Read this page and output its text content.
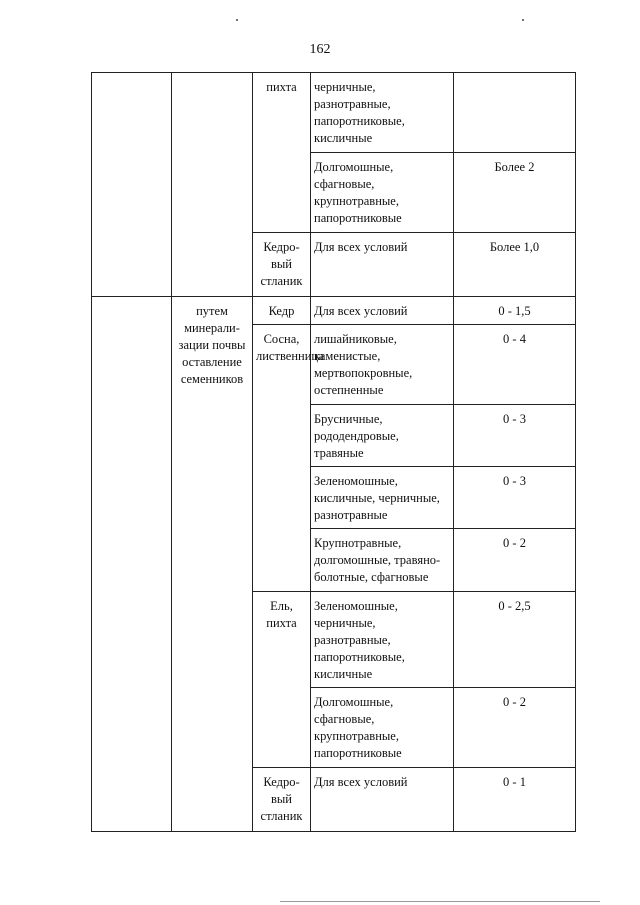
162
		пихта	черничные,
разнотравные,
папоротниковые,
кисличные	
			Долгомошные,
сфагновые,
крупнотравные,
папоротниковые	Более 2
		Кедро-
вый
стланик	Для всех условий	Более 1,0
	путем
минерали-
зации почвы
оставление
семенников	Кедр	Для всех условий	0 - 1,5
		Сосна,
лиственница	лишайниковые,
каменистые,
мертвопокровные,
остепненные	0 - 4
			Брусничные,
рододендровые,
травяные	0 - 3
			Зеленомошные,
кисличные, черничные,
разнотравные	0 - 3
			Крупнотравные,
долгомошные, травяно-
болотные, сфагновые	0 - 2
		Ель,
пихта	Зеленомошные,
черничные,
разнотравные,
папоротниковые,
кисличные	0 - 2,5
			Долгомошные,
сфагновые,
крупнотравные,
папоротниковые	0 - 2
		Кедро-
вый
стланик	Для всех условий	0 - 1
